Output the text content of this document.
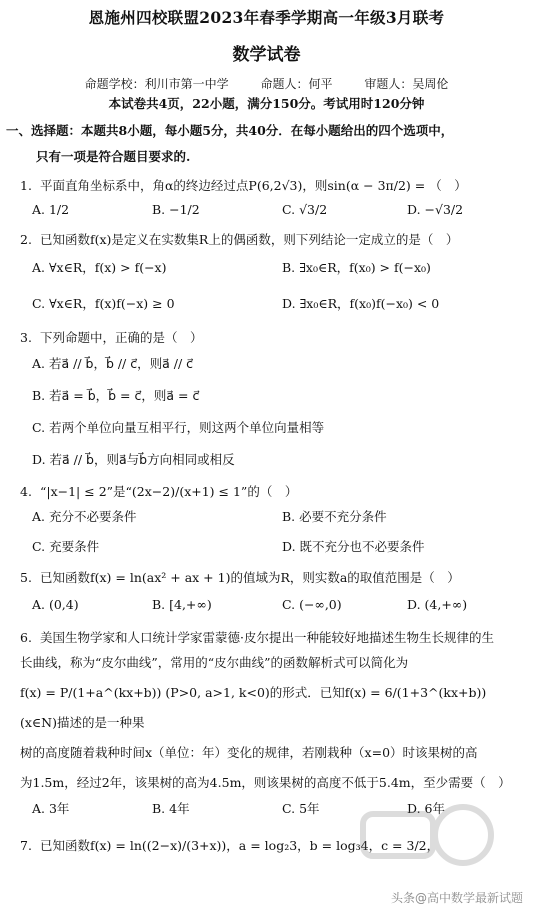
恩施州四校联盟2023年春季学期高一年级3月联考
数学试卷
命题学校：利川市第一中学	命题人：何平	审题人：吴周伦
本试卷共4页，22小题，满分150分。考试用时120分钟
一、选择题：本题共8小题，每小题5分，共40分．在每小题给出的四个选项中，
只有一项是符合题目要求的.
1. 平面直角坐标系中，角α的终边经过点P(6,2√3)，则sin(α − 3π/2) = （　）
A. 1/2	B. −1/2	C. √3/2	D. −√3/2
2. 已知函数f(x)是定义在实数集R上的偶函数，则下列结论一定成立的是（　）
A. ∀x∈R，f(x) > f(−x)	B. ∃x₀∈R，f(x₀) > f(−x₀)
C. ∀x∈R，f(x)f(−x) ≥ 0	D. ∃x₀∈R，f(x₀)f(−x₀) < 0
3. 下列命题中，正确的是（　）
A. 若a⃗ // b⃗，b⃗ // c⃗，则a⃗ // c⃗
B. 若a⃗ = b⃗，b⃗ = c⃗，则a⃗ = c⃗
C. 若两个单位向量互相平行，则这两个单位向量相等
D. 若a⃗ // b⃗，则a⃗与b⃗方向相同或相反
4. “|x−1| ≤ 2”是“(2x−2)/(x+1) ≤ 1”的（　）
A. 充分不必要条件	B. 必要不充分条件
C. 充要条件	D. 既不充分也不必要条件
5. 已知函数f(x) = ln(ax² + ax + 1)的值域为R，则实数a的取值范围是（　）
A. (0,4)	B. [4,+∞)	C. (−∞,0)	D. (4,+∞)
6. 美国生物学家和人口统计学家雷蒙德·皮尔提出一种能较好地描述生物生长规律的生
长曲线，称为“皮尔曲线”，常用的“皮尔曲线”的函数解析式可以简化为
f(x) = P/(1+a^(kx+b)) (P>0, a>1, k<0)的形式．已知f(x) = 6/(1+3^(kx+b)) (x∈N)描述的是一种果
树的高度随着栽种时间x（单位：年）变化的规律，若刚栽种（x=0）时该果树的高
为1.5m，经过2年，该果树的高为4.5m，则该果树的高度不低于5.4m，至少需要（　）
A. 3年	B. 4年	C. 5年	D. 6年
7. 已知函数f(x) = ln((2−x)/(3+x))，a = log₂3，b = log₃4，c = 3/2，
头条@高中数学最新试题
